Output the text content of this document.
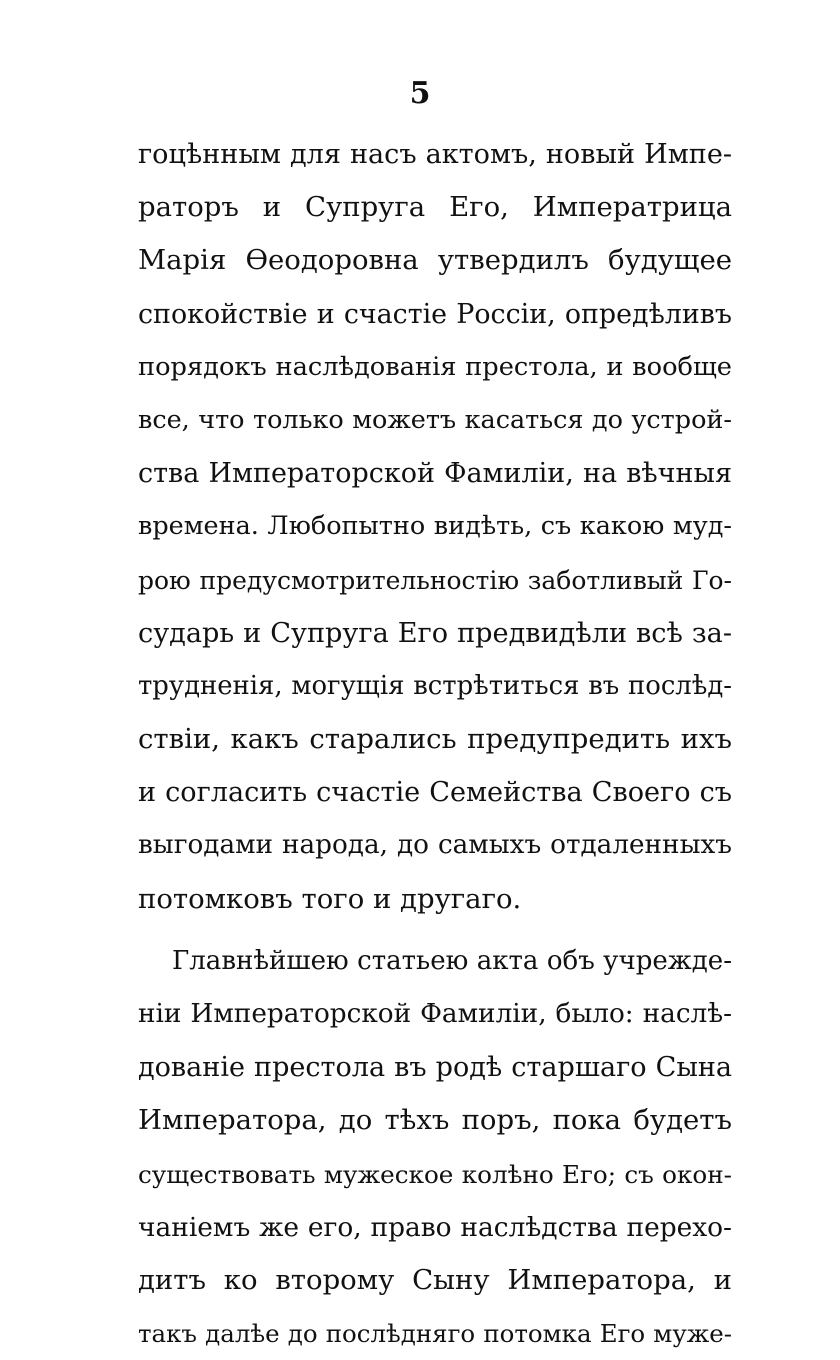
5
гоцѣнным для насъ актомъ, новый Импе-
раторъ и Супруга Его, Императрица
Марія Ѳеодоровна утвердилъ будущее
спокойствіе и счастіе Россіи, опредѣливъ
порядокъ наслѣдованія престола, и вообще
все, что только можетъ касаться до устрой-
ства Императорской Фамиліи, на вѣчныя
времена. Любопытно видѣть, съ какою муд-
рою предусмотрительностію заботливый Го-
сударь и Супруга Его предвидѣли всѣ за-
трудненія, могущія встрѣтиться въ послѣд-
ствіи, какъ старались предупредить ихъ
и согласить счастіе Семейства Своего съ
выгодами народа, до самыхъ отдаленныхъ
потомковъ того и другаго.
Главнѣйшею статьею акта объ учрежде-
ніи Императорской Фамиліи, было: наслѣ-
дованіе престола въ родѣ старшаго Сына
Императора, до тѣхъ поръ, пока будетъ
существовать мужеское колѣно Его; съ окон-
чаніемъ же его, право наслѣдства перехо-
дитъ ко второму Сыну Императора, и
такъ далѣе до послѣдняго потомка Его муже-
